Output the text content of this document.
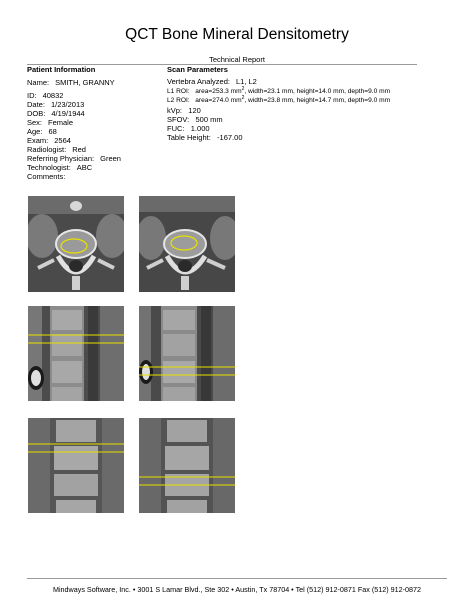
QCT Bone Mineral Densitometry
Technical Report
Patient Information
Name: SMITH, GRANNY
ID: 40832
Date: 1/23/2013
DOB: 4/19/1944
Sex: Female
Age: 68
Exam: 2564
Radiologist: Red
Referring Physician: Green
Technologist: ABC
Comments:
Scan Parameters
Vertebra Analyzed: L1, L2
L1 ROI: area=253.3 $mm^2$, width=23.1 mm, height=14.0 mm, depth=9.0 mm
L2 ROI: area=274.0 $mm^2$, width=23.8 mm, height=14.7 mm, depth=9.0 mm
kVp: 120
SFOV: 500 mm
FUC: 1.000
Table Height: -167.00
Mindways Software, Inc. • 3001 S Lamar Blvd., Ste 302 • Austin, Tx 78704 • Tel (512) 912-0871 Fax (512) 912-0872
